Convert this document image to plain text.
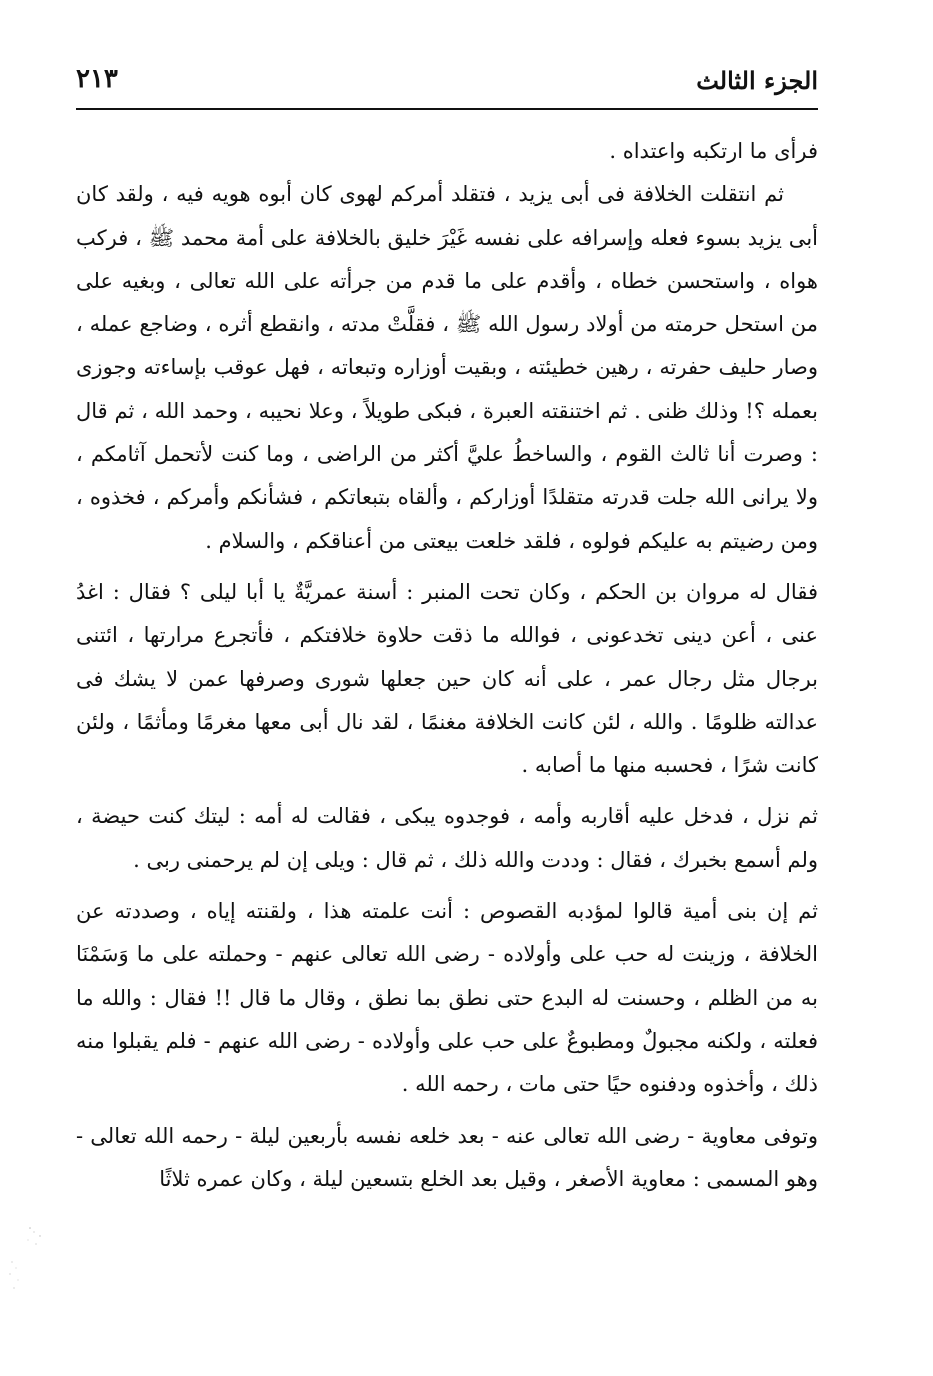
الجزء الثالث
٢١٣

فرأى ما ارتكبه واعتداه .

ثم انتقلت الخلافة فى أبى يزيد ، فتقلد أمركم لهوى كان أبوه هويه فيه ، ولقد كان أبى يزيد بسوء فعله وإسرافه على نفسه غَيْرَ خليق بالخلافة على أمة محمد ﷺ ، فركب هواه ، واستحسن خطاه ، وأقدم على ما قدم من جرأته على الله تعالى ، وبغيه على من استحل حرمته من أولاد رسول الله ﷺ ، فقلَّتْ مدته ، وانقطع أثره ، وضاجع عمله ، وصار حليف حفرته ، رهين خطيئته ، وبقيت أوزاره وتبعاته ، فهل عوقب بإساءته وجوزى بعمله ؟! وذلك ظنى . ثم اختنقته العبرة ، فبكى طويلاً ، وعلا نحيبه ، وحمد الله ، ثم قال : وصرت أنا ثالث القوم ، والساخطُ عليَّ أكثر من الراضى ، وما كنت لأتحمل آثامكم ، ولا يرانى الله جلت قدرته متقلدًا أوزاركم ، وألقاه بتبعاتكم ، فشأنكم وأمركم ، فخذوه ، ومن رضيتم به عليكم فولوه ، فلقد خلعت بيعتى من أعناقكم ، والسلام .

فقال له مروان بن الحكم ، وكان تحت المنبر : أسنة عمريَّةٌ يا أبا ليلى ؟ فقال : اغدُ عنى ، أعن دينى تخدعونى ، فوالله ما ذقت حلاوة خلافتكم ، فأتجرع مرارتها ، ائتنى برجال مثل رجال عمر ، على أنه كان حين جعلها شورى وصرفها عمن لا يشك فى عدالته ظلومًا . والله ، لئن كانت الخلافة مغنمًا ، لقد نال أبى معها مغرمًا ومأثمًا ، ولئن كانت شرًا ، فحسبه منها ما أصابه .

ثم نزل ، فدخل عليه أقاربه وأمه ، فوجدوه يبكى ، فقالت له أمه : ليتك كنت حيضة ، ولم أسمع بخبرك ، فقال : وددت والله ذلك ، ثم قال : ويلى إن لم يرحمنى ربى .

ثم إن بنى أمية قالوا لمؤدبه القصوص : أنت علمته هذا ، ولقنته إياه ، وصددته عن الخلافة ، وزينت له حب على وأولاده - رضى الله تعالى عنهم - وحملته على ما وَسَمْنَا به من الظلم ، وحسنت له البدع حتى نطق بما نطق ، وقال ما قال !! فقال : والله ما فعلته ، ولكنه مجبولٌ ومطبوعٌ على حب على وأولاده - رضى الله عنهم - فلم يقبلوا منه ذلك ، وأخذوه ودفنوه حيًا حتى مات ، رحمه الله .

وتوفى معاوية - رضى الله تعالى عنه - بعد خلعه نفسه بأربعين ليلة - رحمه الله تعالى - وهو المسمى : معاوية الأصغر ، وقيل بعد الخلع بتسعين ليلة ، وكان عمره ثلاثًا
